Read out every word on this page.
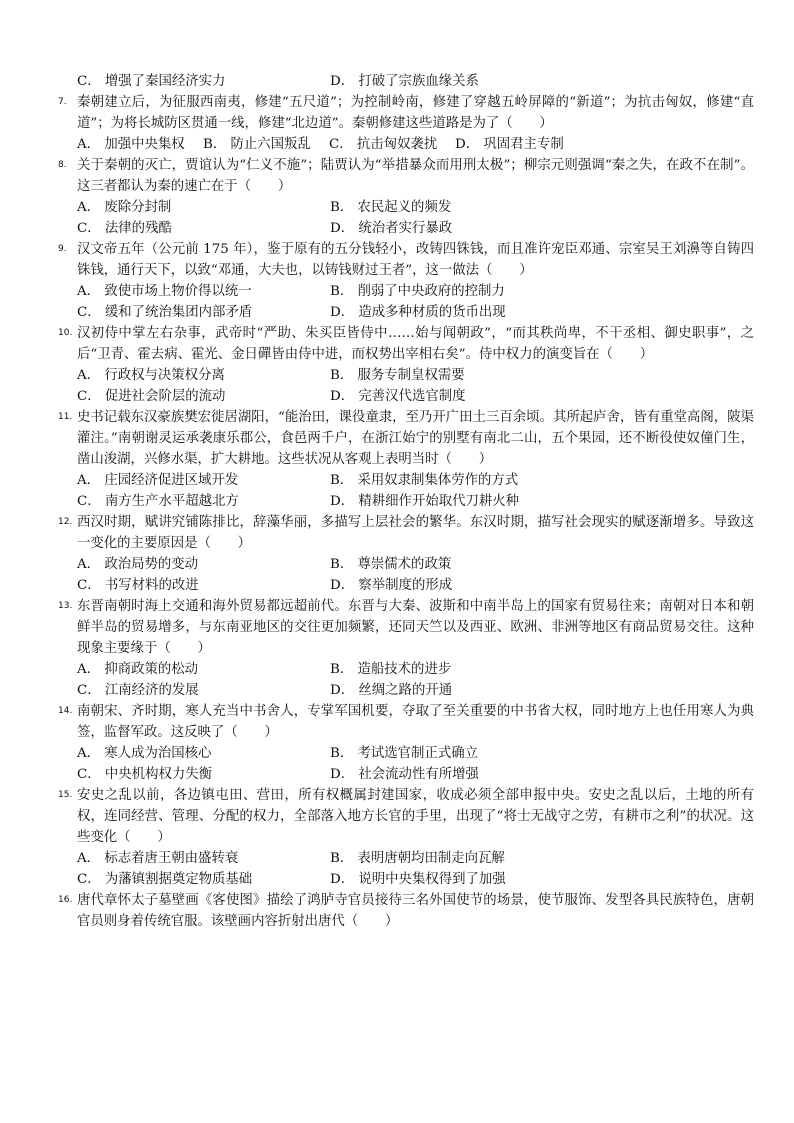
C． 增强了秦国经济实力	D． 打破了宗族血缘关系
7. 秦朝建立后，为征服西南夷，修建“五尺道”；为控制岭南，修建了穿越五岭屏障的“新道”；为抗击匈奴，修建“直道”；为将长城防区贯通一线，修建“北边道”。秦朝修建这些道路是为了（　　）
A． 加强中央集权	B． 防止六国叛乱	C． 抗击匈奴袭扰	D． 巩固君主专制
8. 关于秦朝的灭亡，贾谊认为“仁义不施”；陆贾认为“举措暴众而用刑太极”；柳宗元则强调“秦之失，在政不在制”。这三者都认为秦的速亡在于（　　）
A． 废除分封制	B． 农民起义的频发
C． 法律的残酷	D． 统治者实行暴政
9. 汉文帝五年（公元前 175 年），鉴于原有的五分钱轻小，改铸四铢钱，而且准许宠臣邓通、宗室吴王刘濞等自铸四铢钱，通行天下，以致“邓通，大夫也，以铸钱财过王者”，这一做法（　　）
A． 致使市场上物价得以统一	B． 削弱了中央政府的控制力
C． 缓和了统治集团内部矛盾	D． 造成多种材质的货币出现
10. 汉初侍中掌左右杂事，武帝时“严助、朱买臣皆侍中……始与闻朝政”，“而其秩尚卑，不干丞相、御史职事”，之后“卫青、霍去病、霍光、金日磾皆由侍中进，而权势出宰相右矣”。侍中权力的演变旨在（　　）
A． 行政权与决策权分离	B． 服务专制皇权需要
C． 促进社会阶层的流动	D． 完善汉代选官制度
11. 史书记载东汉豪族樊宏徙居湖阳，“能治田，课役童隶，至乃开广田土三百余顷。其所起庐舍，皆有重堂高阁，陂渠灌注。”南朝谢灵运承袭康乐郡公，食邑两千户，在浙江始宁的别墅有南北二山，五个果园，还不断役使奴僮门生，凿山浚湖，兴修水渠，扩大耕地。这些状况从客观上表明当时（　　）
A． 庄园经济促进区域开发	B． 采用奴隶制集体劳作的方式
C． 南方生产水平超越北方	D． 精耕细作开始取代刀耕火种
12. 西汉时期，赋讲究铺陈排比，辞藻华丽，多描写上层社会的繁华。东汉时期，描写社会现实的赋逐渐增多。导致这一变化的主要原因是（　　）
A． 政治局势的变动	B． 尊崇儒术的政策
C． 书写材料的改进	D． 察举制度的形成
13. 东晋南朝时海上交通和海外贸易都远超前代。东晋与大秦、波斯和中南半岛上的国家有贸易往来；南朝对日本和朝鲜半岛的贸易增多，与东南亚地区的交往更加频繁，还同天竺以及西亚、欧洲、非洲等地区有商品贸易交往。这种现象主要缘于（　　）
A． 抑商政策的松动	B． 造船技术的进步
C． 江南经济的发展	D． 丝绸之路的开通
14. 南朝宋、齐时期，寒人充当中书舍人，专掌军国机要，夺取了至关重要的中书省大权，同时地方上也任用寒人为典签，监督军政。这反映了（　　）
A． 寒人成为治国核心	B． 考试选官制正式确立
C． 中央机构权力失衡	D． 社会流动性有所增强
15. 安史之乱以前，各边镇屯田、营田，所有权概属封建国家，收成必须全部申报中央。安史之乱以后，土地的所有权，连同经营、管理、分配的权力，全部落入地方长官的手里，出现了“将士无战守之劳，有耕市之利”的状况。这些变化（　　）
A． 标志着唐王朝由盛转衰	B． 表明唐朝均田制走向瓦解
C． 为藩镇割据奠定物质基础	D． 说明中央集权得到了加强
16. 唐代章怀太子墓壁画《客使图》描绘了鸿胪寺官员接待三名外国使节的场景，使节服饰、发型各具民族特色，唐朝官员则身着传统官服。该壁画内容折射出唐代（　　）
